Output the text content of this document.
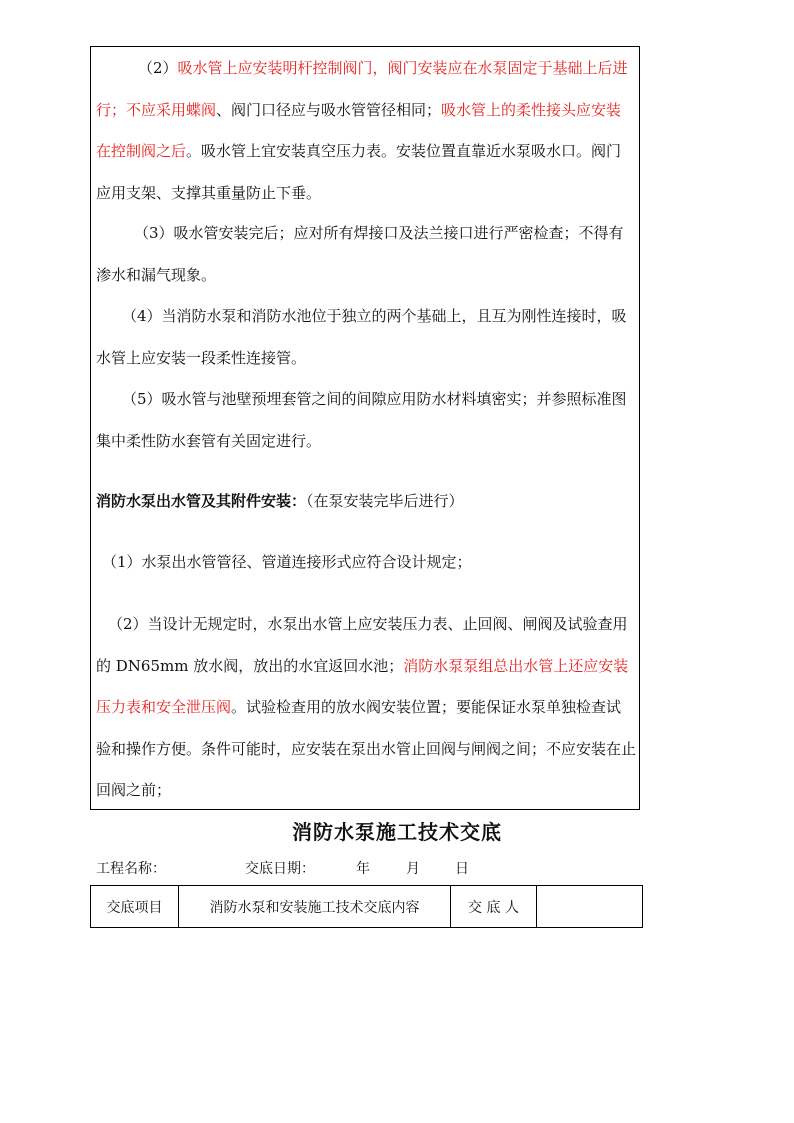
（2）吸水管上应安装明杆控制阀门，阀门安装应在水泵固定于基础上后进行；不应采用蝶阀、阀门口径应与吸水管管径相同；吸水管上的柔性接头应安装在控制阀之后。吸水管上宜安装真空压力表。安装位置直靠近水泵吸水口。阀门应用支架、支撑其重量防止下垂。

（3）吸水管安装完后；应对所有焊接口及法兰接口进行严密检查；不得有渗水和漏气现象。

（4）当消防水泵和消防水池位于独立的两个基础上，且互为刚性连接时，吸水管上应安装一段柔性连接管。

（5）吸水管与池壁预埋套管之间的间隙应用防水材料填密实；并参照标准图集中柔性防水套管有关固定进行。

消防水泵出水管及其附件安装：（在泵安装完毕后进行）

（1）水泵出水管管径、管道连接形式应符合设计规定；

（2）当设计无规定时，水泵出水管上应安装压力表、止回阀、闸阀及试验查用的 DN65mm 放水阀，放出的水宜返回水池；消防水泵泵组总出水管上还应安装压力表和安全泄压阀。试验检查用的放水阀安装位置；要能保证水泵单独检查试验和操作方便。条件可能时，应安装在泵出水管止回阀与闸阀之间；不应安装在止回阀之前；

消防水泵施工技术交底
工程名称：	交底日期：	年	月	日
交底项目	消防水泵和安装施工技术交底内容	交 底 人	
